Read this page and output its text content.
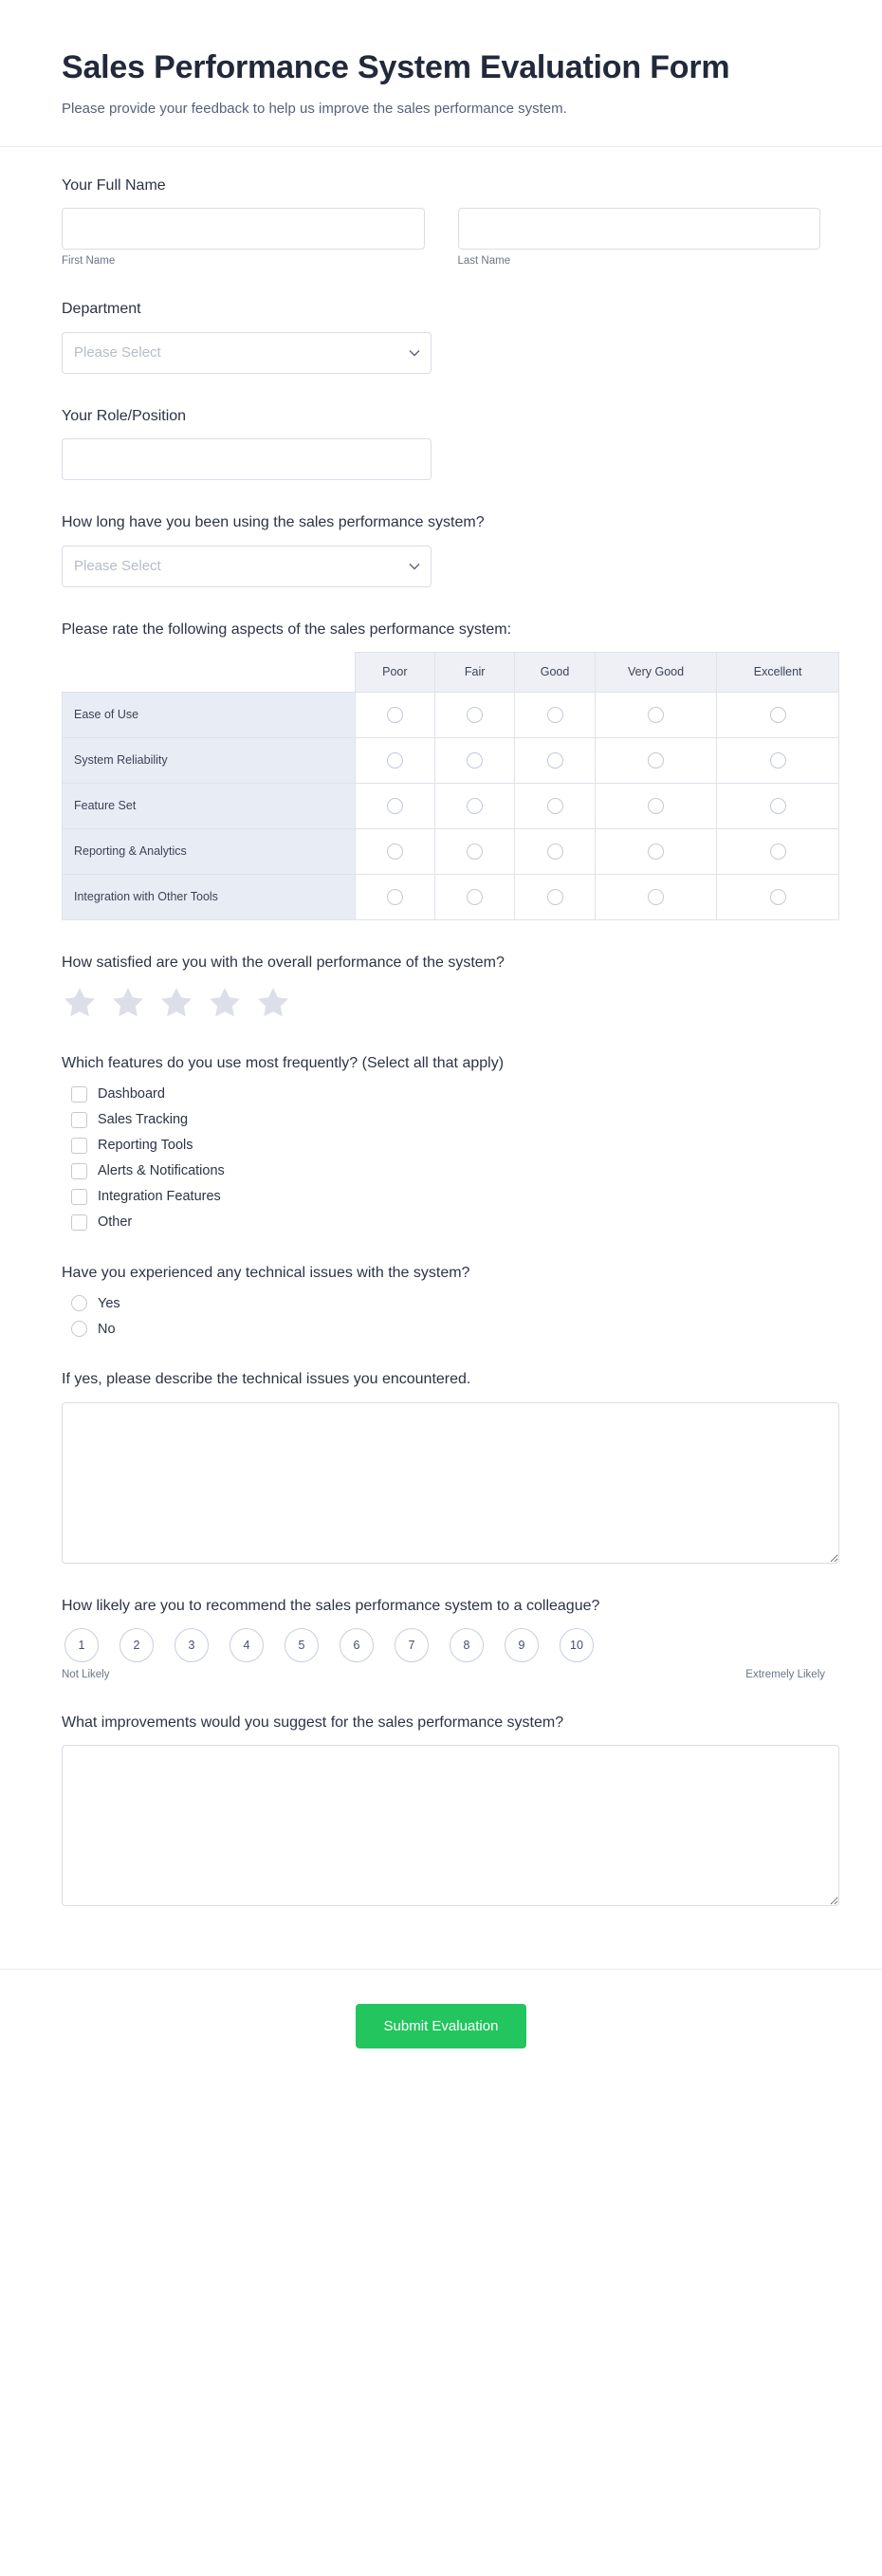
Sales Performance System Evaluation Form

Please provide your feedback to help us improve the sales performance system.

Your Full Name
First Name	Last Name
Department
Please Select
Your Role/Position
How long have you been using the sales performance system?
Please Select
Please rate the following aspects of the sales performance system:
	Poor	Fair	Good	Very Good	Excellent
Ease of Use					
System Reliability					
Feature Set					
Reporting & Analytics					
Integration with Other Tools					
How satisfied are you with the overall performance of the system?
Which features do you use most frequently? (Select all that apply)
Dashboard
Sales Tracking
Reporting Tools
Alerts & Notifications
Integration Features
Other
Have you experienced any technical issues with the system?
Yes
No
If yes, please describe the technical issues you encountered.
How likely are you to recommend the sales performance system to a colleague?
1	2	3	4	5	6	7	8	9	10
Not Likely	Extremely Likely
What improvements would you suggest for the sales performance system?
Submit Evaluation
